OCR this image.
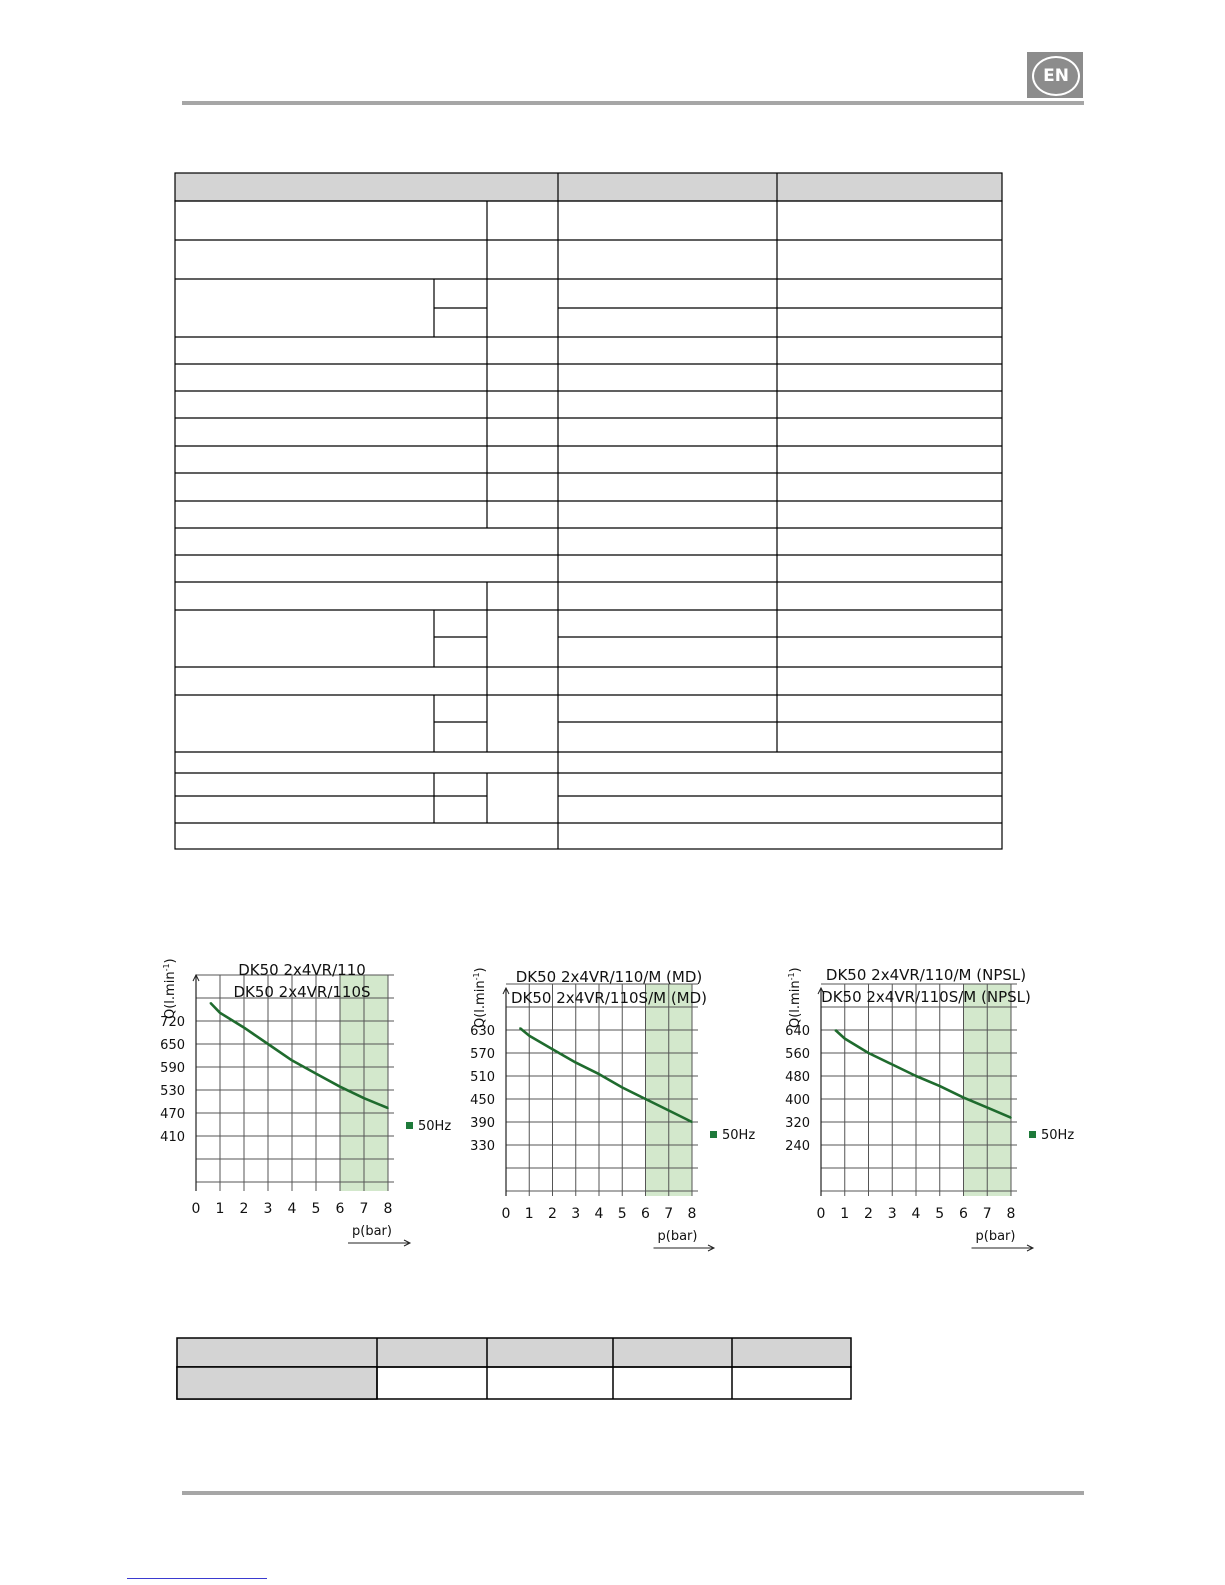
EN
DK50 2x4VR/110
DK50 2x4VR/110S
$Q(l.\min^{-1})$
720
650
590
530
470
410
0 1 2 3 4 5 6 7 8
p(bar)
50Hz
DK50 2x4VR/110/M (MD)
DK50 2x4VR/110S/M (MD)
$Q(l.\min^{-1})$
630
570
510
450
390
330
0 1 2 3 4 5 6 7 8
p(bar)
50Hz
DK50 2x4VR/110/M (NPSL)
DK50 2x4VR/110S/M (NPSL)
$Q(l.\min^{-1})$
640
560
480
400
320
240
0 1 2 3 4 5 6 7 8
p(bar)
50Hz
